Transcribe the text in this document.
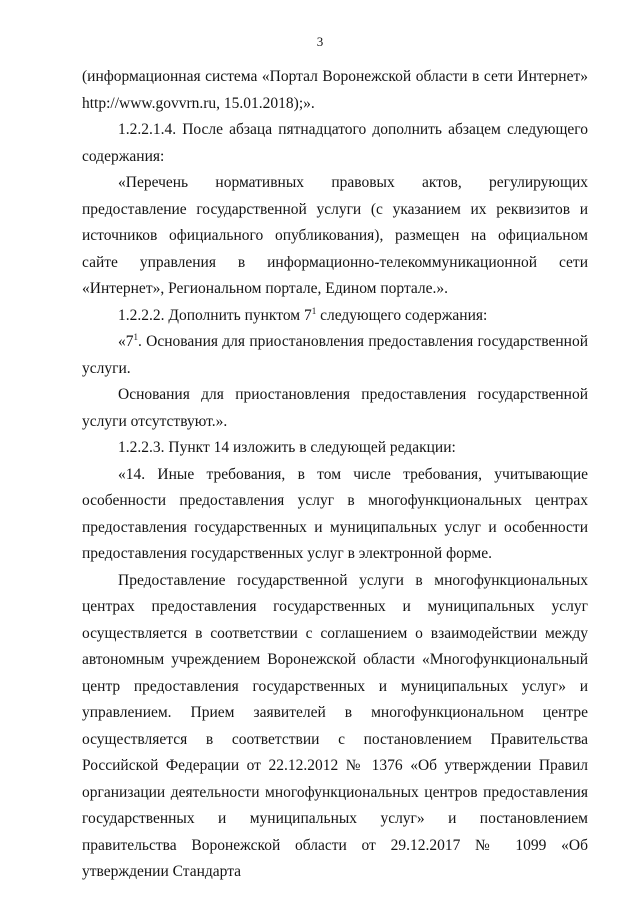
3

(информационная система «Портал Воронежской области в сети Интернет» http://www.govvrn.ru, 15.01.2018);».

1.2.2.1.4. После абзаца пятнадцатого дополнить абзацем следующего содержания:

«Перечень нормативных правовых актов, регулирующих предоставление государственной услуги (с указанием их реквизитов и источников официального опубликования), размещен на официальном сайте управления в информационно-телекоммуникационной сети «Интернет», Региональном портале, Едином портале.».

1.2.2.2. Дополнить пунктом $7^1$ следующего содержания:

«$7^1$. Основания для приостановления предоставления государственной услуги.

Основания для приостановления предоставления государственной услуги отсутствуют.».

1.2.2.3. Пункт 14 изложить в следующей редакции:

«14. Иные требования, в том числе требования, учитывающие особенности предоставления услуг в многофункциональных центрах предоставления государственных и муниципальных услуг и особенности предоставления государственных услуг в электронной форме.

Предоставление государственной услуги в многофункциональных центрах предоставления государственных и муниципальных услуг осуществляется в соответствии с соглашением о взаимодействии между автономным учреждением Воронежской области «Многофункциональный центр предоставления государственных и муниципальных услуг» и управлением. Прием заявителей в многофункциональном центре осуществляется в соответствии с постановлением Правительства Российской Федерации от 22.12.2012 № 1376 «Об утверждении Правил организации деятельности многофункциональных центров предоставления государственных и муниципальных услуг» и постановлением правительства Воронежской области от 29.12.2017 № 1099 «Об утверждении Стандарта
